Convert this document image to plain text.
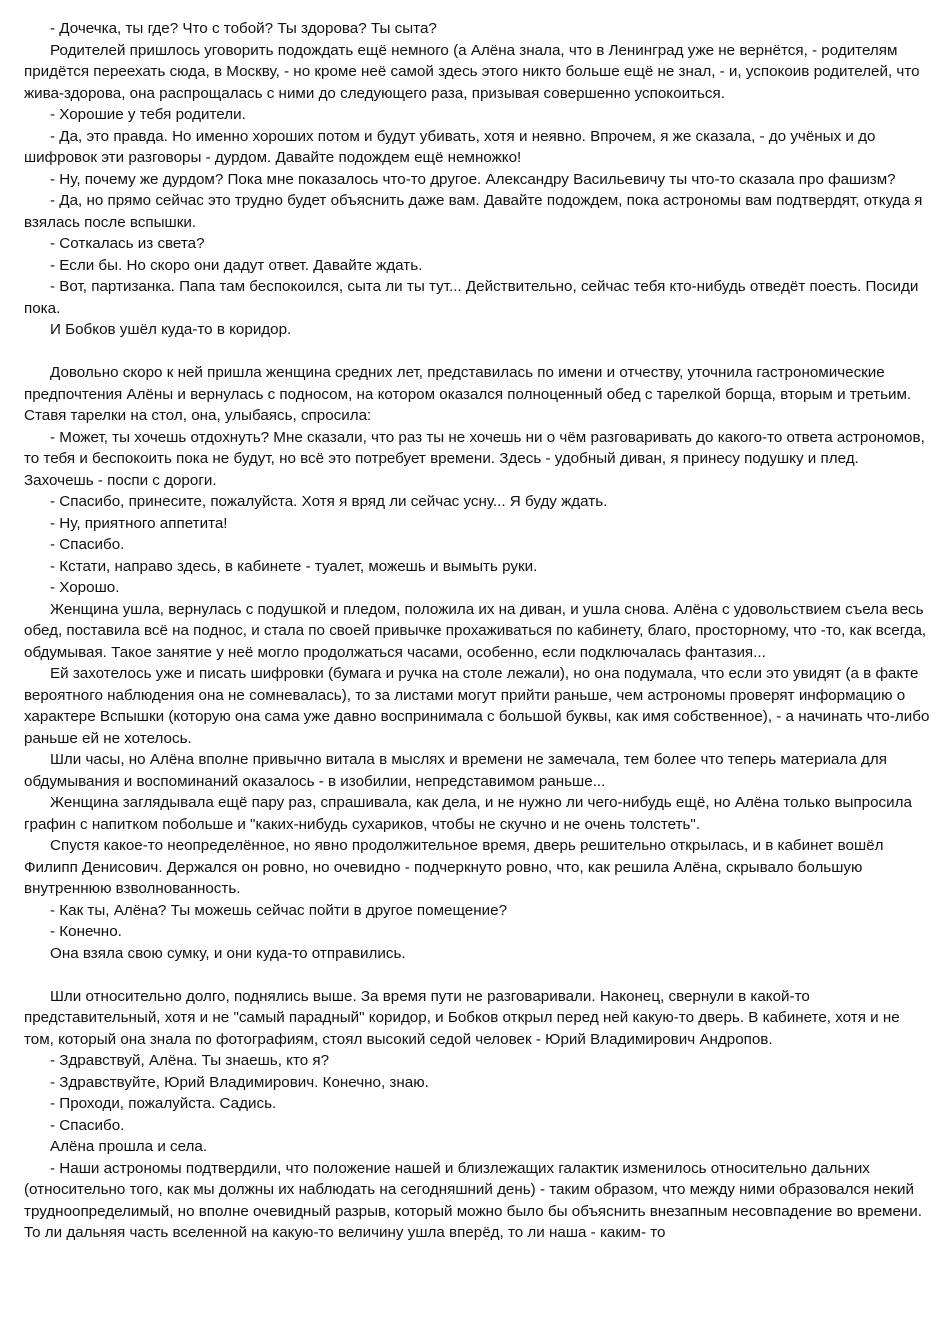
- Дочечка, ты где? Что с тобой? Ты здорова? Ты сыта?

Родителей пришлось уговорить подождать ещё немного (а Алёна знала, что в Ленинград уже не вернётся, - родителям придётся переехать сюда, в Москву, - но кроме неё самой здесь этого никто больше ещё не знал, - и, успокоив родителей, что жива-здорова, она распрощалась с ними до следующего раза, призывая совершенно успокоиться.

- Хорошие у тебя родители.

- Да, это правда. Но именно хороших потом и будут убивать, хотя и неявно. Впрочем, я же сказала, - до учёных и до шифровок эти разговоры - дурдом. Давайте подождем ещё немножко!

- Ну, почему же дурдом? Пока мне показалось что-то другое. Александру Васильевичу ты что-то сказала про фашизм?

- Да, но прямо сейчас это трудно будет объяснить даже вам. Давайте подождем, пока астрономы вам подтвердят, откуда я взялась после вспышки.

- Соткалась из света?

- Если бы. Но скоро они дадут ответ. Давайте ждать.

- Вот, партизанка. Папа там беспокоился, сыта ли ты тут... Действительно, сейчас тебя кто-нибудь отведёт поесть. Посиди пока.

И Бобков ушёл куда-то в коридор.

Довольно скоро к ней пришла женщина средних лет, представилась по имени и отчеству, уточнила гастрономические предпочтения Алёны и вернулась с подносом, на котором оказался полноценный обед с тарелкой борща, вторым и третьим. Ставя тарелки на стол, она, улыбаясь, спросила:

- Может, ты хочешь отдохнуть? Мне сказали, что раз ты не хочешь ни о чём разговаривать до какого-то ответа астрономов, то тебя и беспокоить пока не будут, но всё это потребует времени. Здесь - удобный диван, я принесу подушку и плед. Захочешь - поспи с дороги.

- Спасибо, принесите, пожалуйста. Хотя я вряд ли сейчас усну... Я буду ждать.

- Ну, приятного аппетита!

- Спасибо.

- Кстати, направо здесь, в кабинете - туалет, можешь и вымыть руки.

- Хорошо.

Женщина ушла, вернулась с подушкой и пледом, положила их на диван, и ушла снова. Алёна с удовольствием съела весь обед, поставила всё на поднос, и стала по своей привычке прохаживаться по кабинету, благо, просторному, что -то, как всегда, обдумывая. Такое занятие у неё могло продолжаться часами, особенно, если подключалась фантазия...

Ей захотелось уже и писать шифровки (бумага и ручка на столе лежали), но она подумала, что если это увидят (а в факте вероятного наблюдения она не сомневалась), то за листами могут прийти раньше, чем астрономы проверят информацию о характере Вспышки (которую она сама уже давно воспринимала с большой буквы, как имя собственное), - а начинать что-либо раньше ей не хотелось.

Шли часы, но Алёна вполне привычно витала в мыслях и времени не замечала, тем более что теперь материала для обдумывания и воспоминаний оказалось - в изобилии, непредставимом раньше...

Женщина заглядывала ещё пару раз, спрашивала, как дела, и не нужно ли чего-нибудь ещё, но Алёна только выпросила графин с напитком побольше и "каких-нибудь сухариков, чтобы не скучно и не очень толстеть".

Спустя какое-то неопределённое, но явно продолжительное время, дверь решительно открылась, и в кабинет вошёл Филипп Денисович. Держался он ровно, но очевидно - подчеркнуто ровно, что, как решила Алёна, скрывало большую внутреннюю взволнованность.

- Как ты, Алёна? Ты можешь сейчас пойти в другое помещение?

- Конечно.

Она взяла свою сумку, и они куда-то отправились.

Шли относительно долго, поднялись выше. За время пути не разговаривали. Наконец, свернули в какой-то представительный, хотя и не "самый парадный" коридор, и Бобков открыл перед ней какую-то дверь. В кабинете, хотя и не том, который она знала по фотографиям, стоял высокий седой человек - Юрий Владимирович Андропов.

- Здравствуй, Алёна. Ты знаешь, кто я?

- Здравствуйте, Юрий Владимирович. Конечно, знаю.

- Проходи, пожалуйста. Садись.

- Спасибо.

Алёна прошла и села.

- Наши астрономы подтвердили, что положение нашей и близлежащих галактик изменилось относительно дальних (относительно того, как мы должны их наблюдать на сегодняшний день) - таким образом, что между ними образовался некий трудноопределимый, но вполне очевидный разрыв, который можно было бы объяснить внезапным несовпадение во времени. То ли дальняя часть вселенной на какую-то величину ушла вперёд, то ли наша - каким- то
